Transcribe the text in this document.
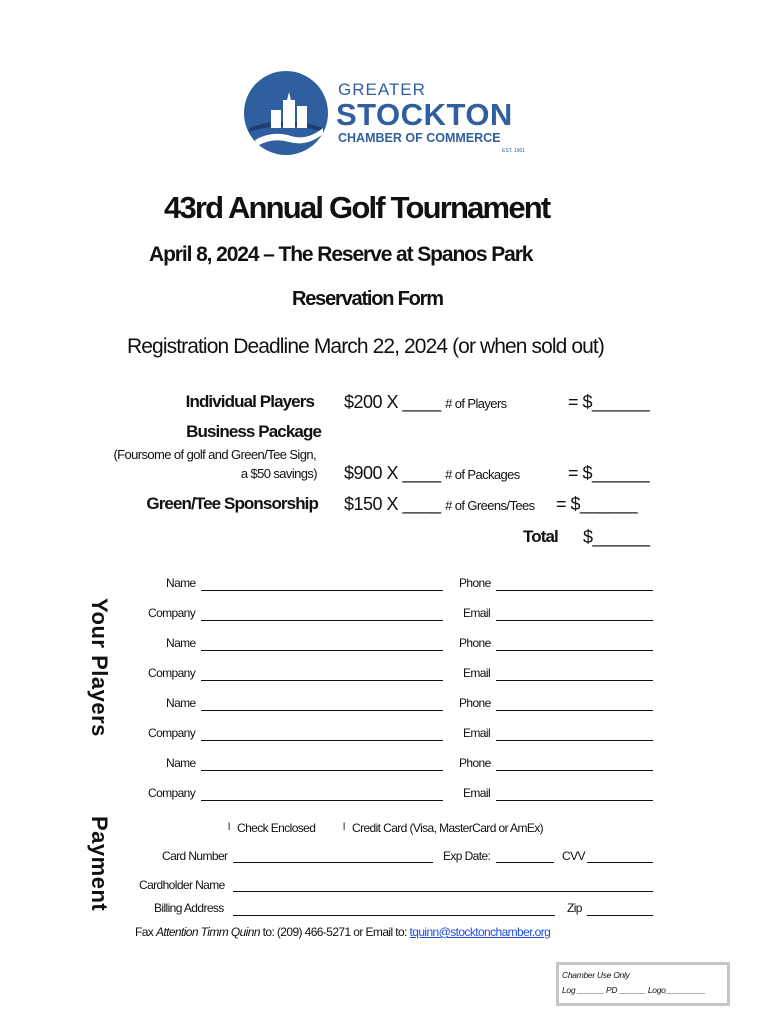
GREATER
STOCKTON
CHAMBER OF COMMERCE
EST. 1901
43rd Annual Golf Tournament
April 8, 2024 – The Reserve at Spanos Park
Reservation Form
Registration Deadline March 22, 2024 (or when sold out)
Individual Players $200 X ____ # of Players	= $______
Business Package
(Foursome of golf and Green/Tee Sign,
a $50 savings) $900 X ____ # of Packages	= $______
Green/Tee Sponsorship $150 X ____ # of Greens/Tees = $______
Total $______
Your Players
Name	Phone
Company	Email
Name	Phone
Company	Email
Name	Phone
Company	Email
Name	Phone
Company	Email
Payment	l Check Enclosed	l Credit Card (Visa, MasterCard or AmEx)
Card Number	Exp Date:	CVV
Cardholder Name
Billing Address	Zip
Fax Attention Timm Quinn to: (209) 466-5271 or Email to: tquinn@stocktonchamber.org
Chamber Use Only
Log ______ PD ______ Logo_________
